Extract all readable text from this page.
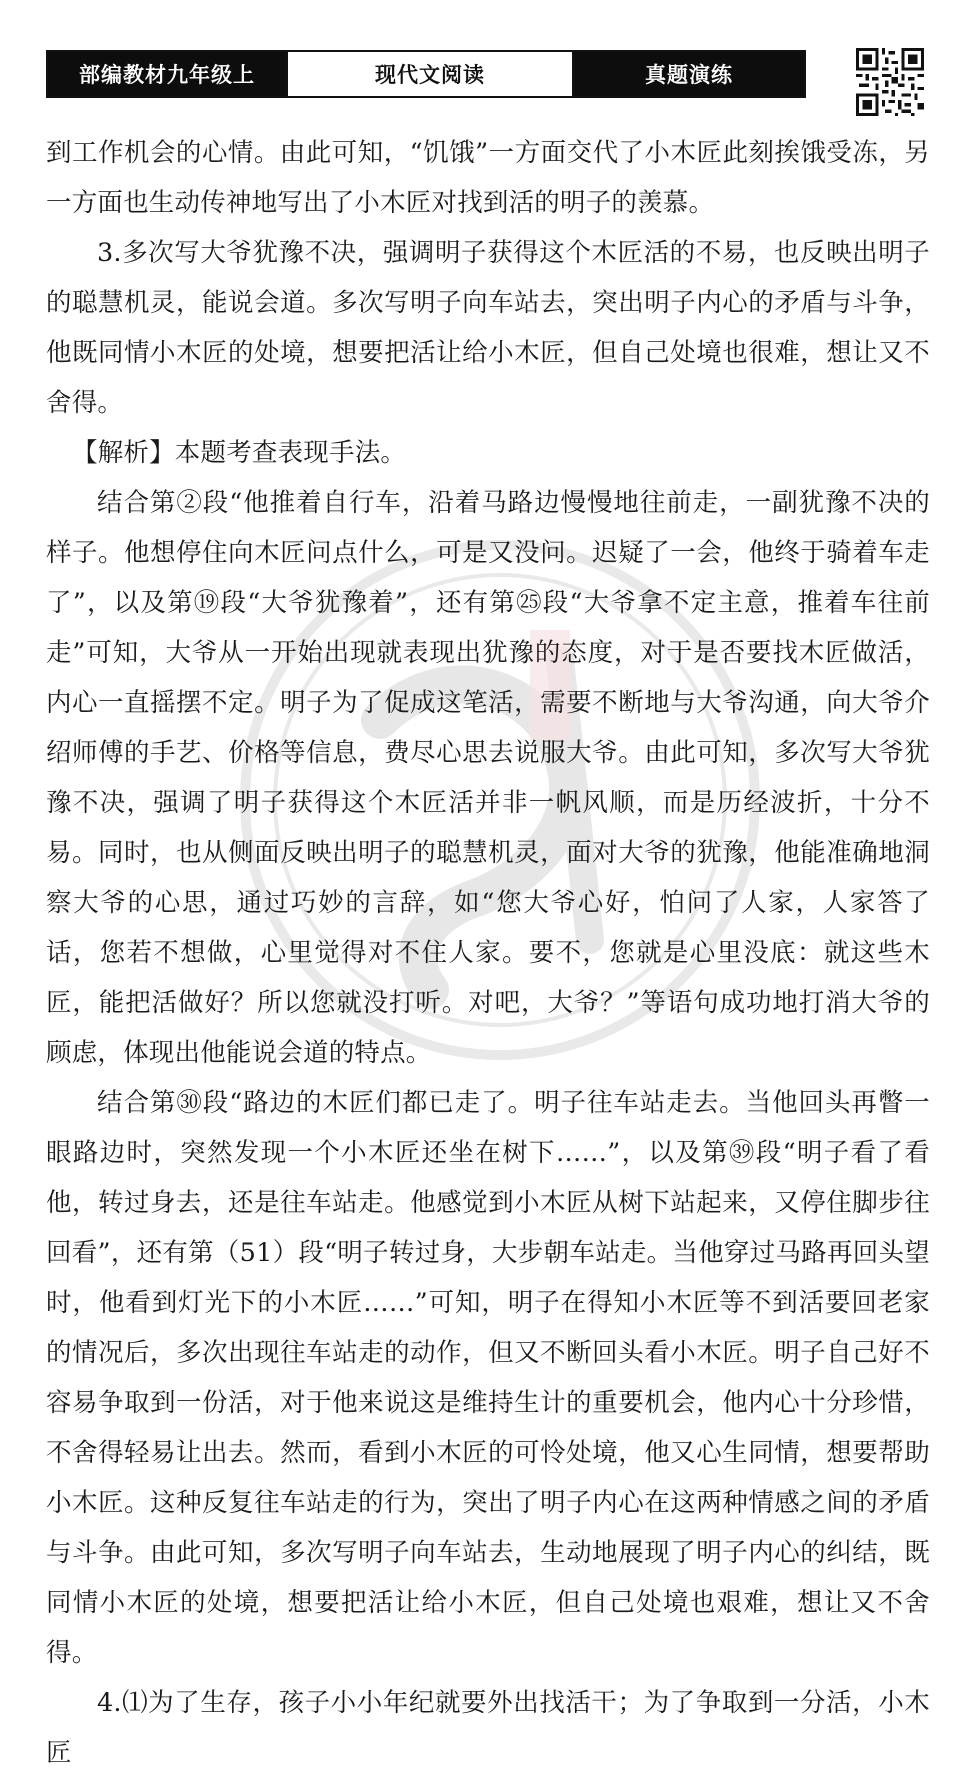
部编教材九年级上	现代文阅读	真题演练

到工作机会的心情。由此可知，“饥饿”一方面交代了小木匠此刻挨饿受冻，另一方面也生动传神地写出了小木匠对找到活的明子的羡慕。

3.多次写大爷犹豫不决，强调明子获得这个木匠活的不易，也反映出明子的聪慧机灵，能说会道。多次写明子向车站去，突出明子内心的矛盾与斗争，他既同情小木匠的处境，想要把活让给小木匠，但自己处境也很难，想让又不舍得。

【解析】本题考查表现手法。

结合第②段“他推着自行车，沿着马路边慢慢地往前走，一副犹豫不决的样子。他想停住向木匠问点什么，可是又没问。迟疑了一会，他终于骑着车走了”，以及第⑲段“大爷犹豫着”，还有第㉕段“大爷拿不定主意，推着车往前走”可知，大爷从一开始出现就表现出犹豫的态度，对于是否要找木匠做活，内心一直摇摆不定。明子为了促成这笔活，需要不断地与大爷沟通，向大爷介绍师傅的手艺、价格等信息，费尽心思去说服大爷。由此可知，多次写大爷犹豫不决，强调了明子获得这个木匠活并非一帆风顺，而是历经波折，十分不易。同时，也从侧面反映出明子的聪慧机灵，面对大爷的犹豫，他能准确地洞察大爷的心思，通过巧妙的言辞，如“您大爷心好，怕问了人家，人家答了话，您若不想做，心里觉得对不住人家。要不，您就是心里没底：就这些木匠，能把活做好？所以您就没打听。对吧，大爷？”等语句成功地打消大爷的顾虑，体现出他能说会道的特点。

结合第㉚段“路边的木匠们都已走了。明子往车站走去。当他回头再瞥一眼路边时，突然发现一个小木匠还坐在树下……”，以及第㊴段“明子看了看他，转过身去，还是往车站走。他感觉到小木匠从树下站起来，又停住脚步往回看”，还有第（51）段“明子转过身，大步朝车站走。当他穿过马路再回头望时，他看到灯光下的小木匠……”可知，明子在得知小木匠等不到活要回老家的情况后，多次出现往车站走的动作，但又不断回头看小木匠。明子自己好不容易争取到一份活，对于他来说这是维持生计的重要机会，他内心十分珍惜，不舍得轻易让出去。然而，看到小木匠的可怜处境，他又心生同情，想要帮助小木匠。这种反复往车站走的行为，突出了明子内心在这两种情感之间的矛盾与斗争。由此可知，多次写明子向车站去，生动地展现了明子内心的纠结，既同情小木匠的处境，想要把活让给小木匠，但自己处境也艰难，想让又不舍得。

4.⑴为了生存，孩子小小年纪就要外出找活干；为了争取到一分活，小木匠
